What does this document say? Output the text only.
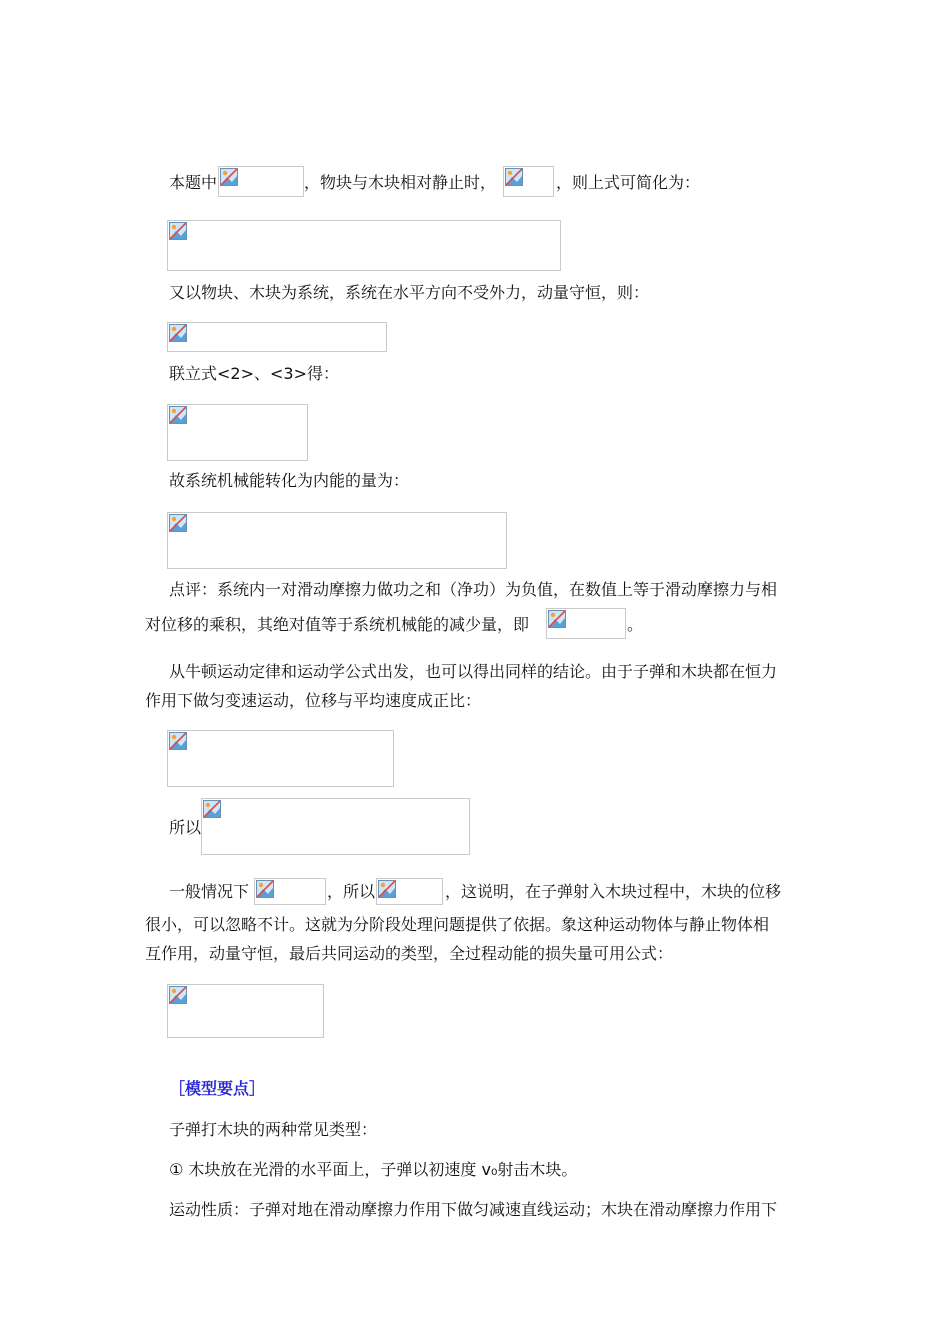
本题中	，物块与木块相对静止时，	，则上式可简化为：
又以物块、木块为系统，系统在水平方向不受外力，动量守恒，则：
联立式<2>、<3>得：
故系统机械能转化为内能的量为：
点评：系统内一对滑动摩擦力做功之和（净功）为负值，在数值上等于滑动摩擦力与相
对位移的乘积，其绝对值等于系统机械能的减少量，即	。
从牛顿运动定律和运动学公式出发，也可以得出同样的结论。由于子弹和木块都在恒力
作用下做匀变速运动，位移与平均速度成正比：
所以
一般情况下	，所以	，这说明，在子弹射入木块过程中，木块的位移
很小，可以忽略不计。这就为分阶段处理问题提供了依据。象这种运动物体与静止物体相
互作用，动量守恒，最后共同运动的类型，全过程动能的损失量可用公式：
［模型要点］
子弹打木块的两种常见类型：
① 木块放在光滑的水平面上，子弹以初速度 v₀射击木块。
运动性质：子弹对地在滑动摩擦力作用下做匀减速直线运动；木块在滑动摩擦力作用下
